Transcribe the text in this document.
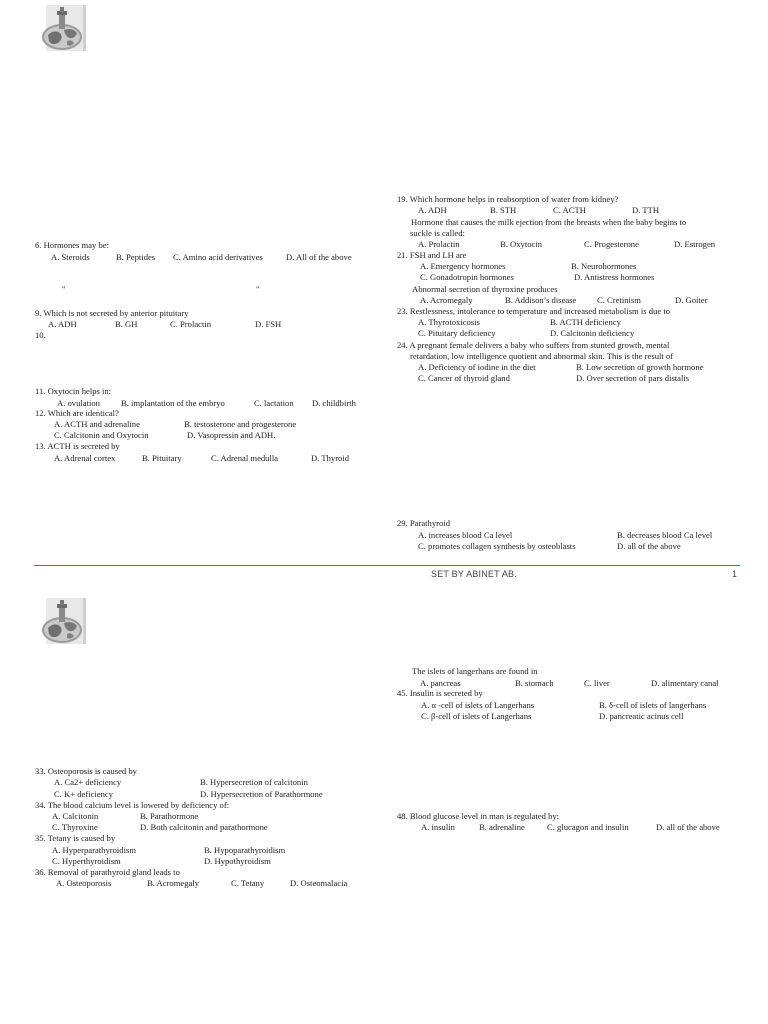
6. Hormones may be:
A. Steroids	B. Peptides C. Amino acid derivatives	D. All of the above
"	"
9. Which is not secreted by anterior pituitary
A. ADH	B. GH	C. Prolactin	D. FSH
10.
11. Oxytocin helps in:
A. ovulation B. implantation of the embryo	C. lactation D. childbirth
12. Which are identical?
A. ACTH and adrenaline	B. testosterone and progesterone
C. Calcitonin and Oxytocin	D. Vasopressin and ADH.
13. ACTH is secreted by
A. Adrenal cortex	B. Pituitary	C. Adrenal medulla	D. Thyroid
19. Which hormone helps in reabsorption of water from kidney?
A. ADH	B. STH	C. ACTH	D. TTH
Hormone that causes the milk ejection from the breasts when the baby begins to
suckle is called:
A. Prolactin	B. Oxytocin	C. Progesterone	D. Estrogen
21. FSH and LH are
A. Emergency hormones	B. Neurohormones
C. Gonadotropin hormones	D. Antistress hormones
Abnormal secretion of thyroxine produces
A. Acromegaly	B. Addison’s disease C. Cretinism	D. Goiter
23. Restlessness, intolerance to temperature and increased metabolism is due to
A. Thyrotoxicosis	B. ACTH deficiency
C. Pituitary deficiency	D. Calcitonin deficiency
24. A pregnant female delivers a baby who suffers from stunted growth, mental
retardation, low intelligence quotient and abnormal skin. This is the result of
A. Deficiency of iodine in the diet	B. Low secretion of growth hormone
C. Cancer of thyroid gland	D. Over secretion of pars distalis
29. Parathyroid
A. increases blood Ca level	B. decreases blood Ca level
C. promotes collagen synthesis by osteoblasts	D. all of the above
SET BY ABINET AB.	1
33. Osteoporosis is caused by
A. Ca2+ deficiency	B. Hypersecretion of calcitonin
C. K+ deficiency	D. Hypersecretion of Parathormone
34. The blood calcium level is lowered by deficiency of:
A. Calcitonin	B. Parathormone
C. Thyroxine	D. Both calcitonin and parathormone
35. Tetany is caused by
A. Hyperparathyroidism	B. Hypoparathyroidism
C. Hyperthyroidism	D. Hypothyroidism
36. Removal of parathyroid gland leads to
A. Osteoporosis	B. Acromegaly	C. Tetany	D. Osteomalacia
The islets of langerhans are found in
A. pancreas	B. stomach	C. liver	D. alimentary canal
45. Insulin is secreted by
A. α -cell of islets of Langerhans	B. δ-cell of islets of langerhans
C. β-cell of islets of Langerhans	D. pancreatic acinus cell
48. Blood glucose level in man is regulated by:
A. insulin	B. adrenaline	C. glucagon and insulin	D. all of the above
